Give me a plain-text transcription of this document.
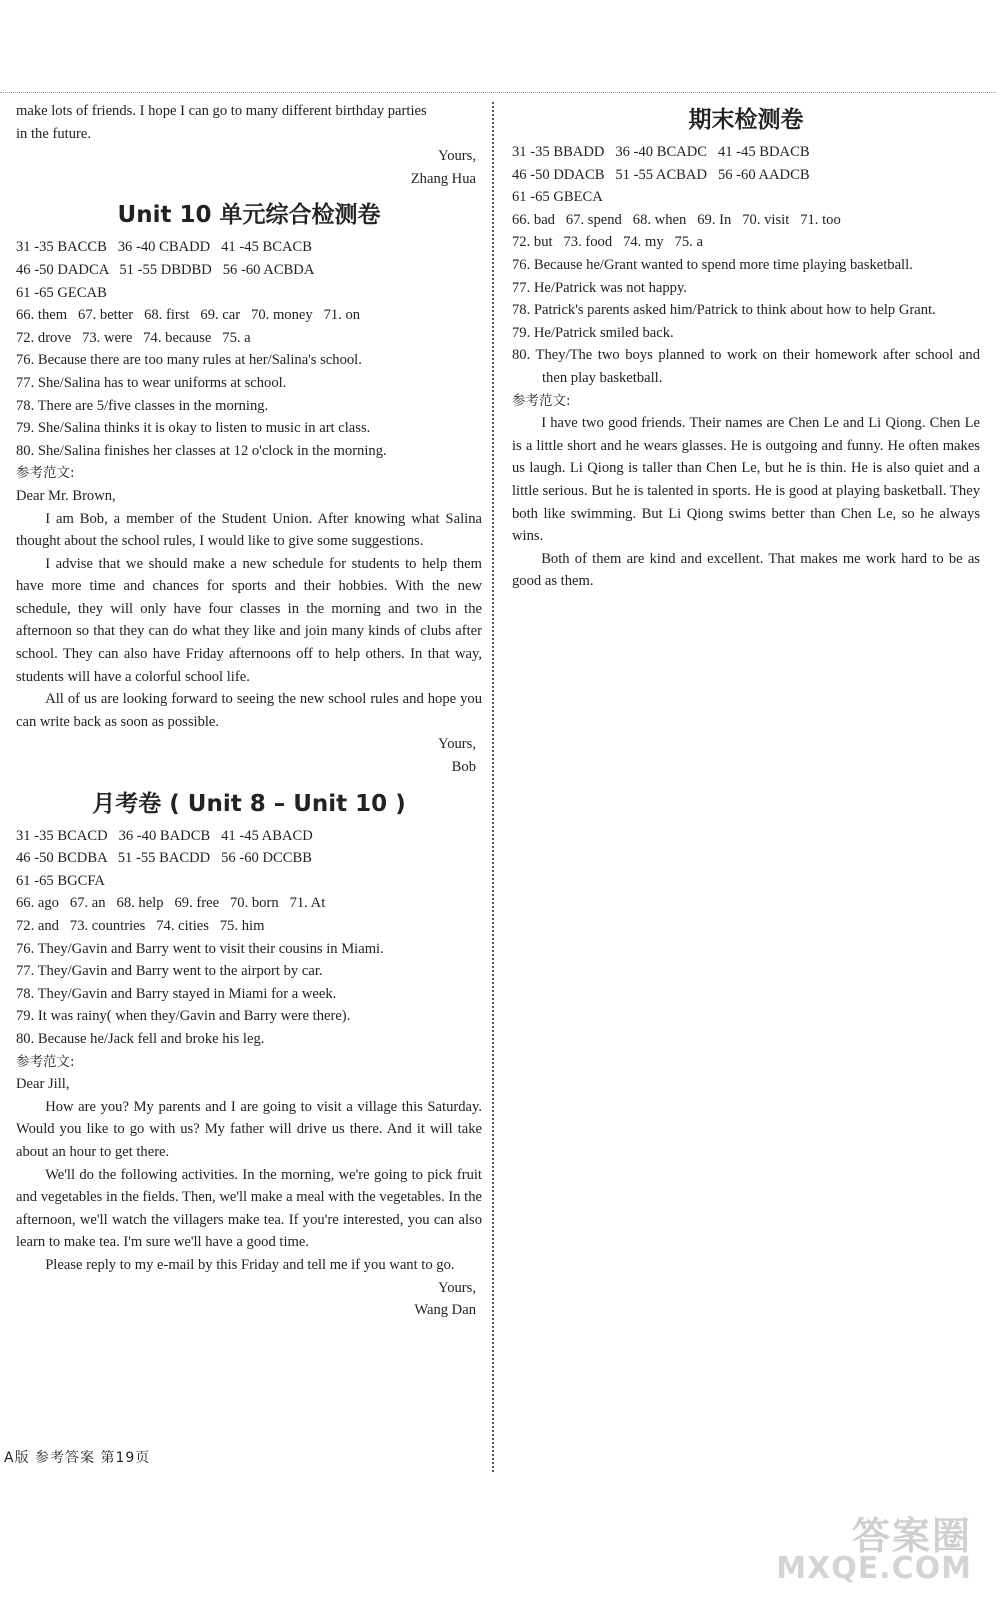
make lots of friends. I hope I can go to many different birthday parties
in the future.
Yours,
Zhang Hua
Unit 10 单元综合检测卷
31 -35 BACCB   36 -40 CBADD   41 -45 BCACB
46 -50 DADCA   51 -55 DBDBD   56 -60 ACBDA
61 -65 GECAB
66. them   67. better   68. first   69. car   70. money   71. on
72. drove   73. were   74. because   75. a
76. Because there are too many rules at her/Salina's school.
77. She/Salina has to wear uniforms at school.
78. There are 5/five classes in the morning.
79. She/Salina thinks it is okay to listen to music in art class.
80. She/Salina finishes her classes at 12 o'clock in the morning.
参考范文:
Dear Mr. Brown,
I am Bob, a member of the Student Union. After knowing what Salina thought about the school rules, I would like to give some suggestions.
I advise that we should make a new schedule for students to help them have more time and chances for sports and their hobbies. With the new schedule, they will only have four classes in the morning and two in the afternoon so that they can do what they like and join many kinds of clubs after school. They can also have Friday afternoons off to help others. In that way, students will have a colorful school life.
All of us are looking forward to seeing the new school rules and hope you can write back as soon as possible.
Yours,
Bob
月考卷 ( Unit 8 – Unit 10 )
31 -35 BCACD   36 -40 BADCB   41 -45 ABACD
46 -50 BCDBA   51 -55 BACDD   56 -60 DCCBB
61 -65 BGCFA
66. ago   67. an   68. help   69. free   70. born   71. At
72. and   73. countries   74. cities   75. him
76. They/Gavin and Barry went to visit their cousins in Miami.
77. They/Gavin and Barry went to the airport by car.
78. They/Gavin and Barry stayed in Miami for a week.
79. It was rainy( when they/Gavin and Barry were there).
80. Because he/Jack fell and broke his leg.
参考范文:
Dear Jill,
How are you? My parents and I are going to visit a village this Saturday. Would you like to go with us? My father will drive us there. And it will take about an hour to get there.
We'll do the following activities. In the morning, we're going to pick fruit and vegetables in the fields. Then, we'll make a meal with the vegetables. In the afternoon, we'll watch the villagers make tea. If you're interested, you can also learn to make tea. I'm sure we'll have a good time.
Please reply to my e-mail by this Friday and tell me if you want to go.
Yours,
Wang Dan
期末检测卷
31 -35 BBADD   36 -40 BCADC   41 -45 BDACB
46 -50 DDACB   51 -55 ACBAD   56 -60 AADCB
61 -65 GBECA
66. bad   67. spend   68. when   69. In   70. visit   71. too
72. but   73. food   74. my   75. a
76. Because he/Grant wanted to spend more time playing basketball.
77. He/Patrick was not happy.
78. Patrick's parents asked him/Patrick to think about how to help Grant.
79. He/Patrick smiled back.
80. They/The two boys planned to work on their homework after school and then play basketball.
参考范文:
I have two good friends. Their names are Chen Le and Li Qiong. Chen Le is a little short and he wears glasses. He is outgoing and funny. He often makes us laugh. Li Qiong is taller than Chen Le, but he is thin. He is also quiet and a little serious. But he is talented in sports. He is good at playing basketball. They both like swimming. But Li Qiong swims better than Chen Le, so he always wins.
Both of them are kind and excellent. That makes me work hard to be as good as them.
A版 参考答案 第19页
答案圈
MXQE.COM
